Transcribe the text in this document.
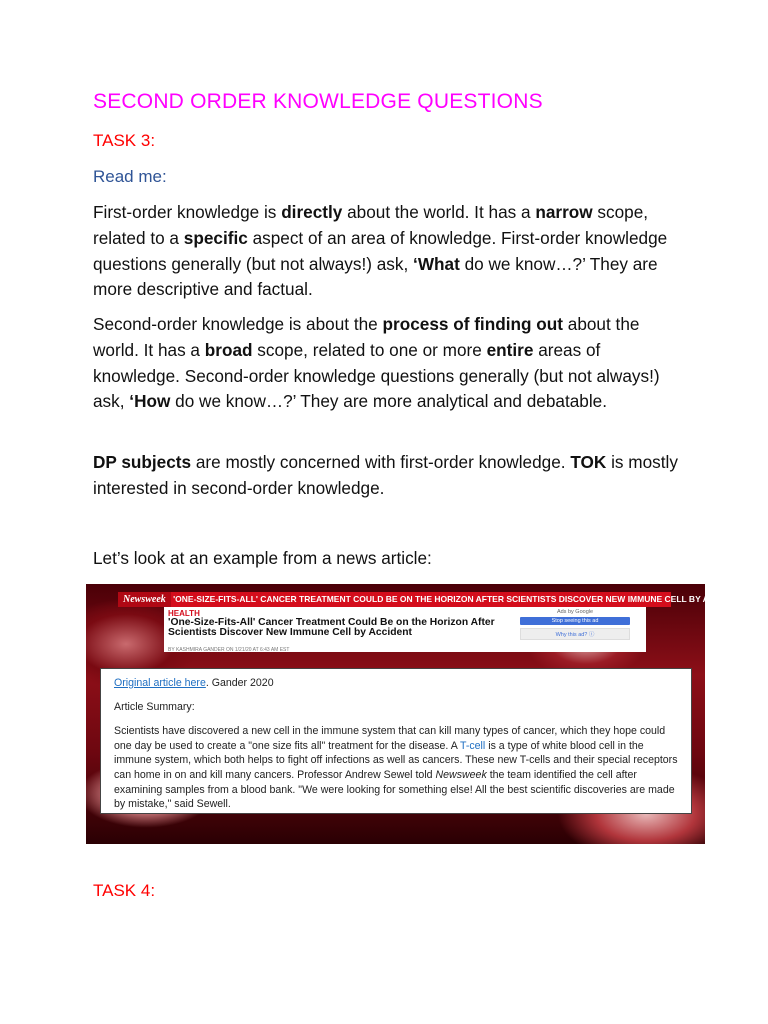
SECOND ORDER KNOWLEDGE QUESTIONS
TASK 3:
Read me:
First-order knowledge is directly about the world. It has a narrow scope, related to a specific aspect of an area of knowledge. First-order knowledge questions generally (but not always!) ask, ‘What do we know…?’ They are more descriptive and factual.
Second-order knowledge is about the process of finding out about the world. It has a broad scope, related to one or more entire areas of knowledge. Second-order knowledge questions generally (but not always!) ask, ‘How do we know…?’ They are more analytical and debatable.
DP subjects are mostly concerned with first-order knowledge. TOK is mostly interested in second-order knowledge.
Let’s look at an example from a news article:
Newsweek 'ONE-SIZE-FITS-ALL' CANCER TREATMENT COULD BE ON THE HORIZON AFTER SCIENTISTS DISCOVER NEW IMMUNE CELL BY ACCIDENT
HEALTH
'One-Size-Fits-All' Cancer Treatment Could Be on the Horizon After Scientists Discover New Immune Cell by Accident
BY KASHMIRA GANDER ON 1/21/20 AT 6:43 AM EST
Ads by Google
Stop seeing this ad
Why this ad? ⓘ

Original article here. Gander 2020

Article Summary:

Scientists have discovered a new cell in the immune system that can kill many types of cancer, which they hope could one day be used to create a "one size fits all" treatment for the disease. A T-cell is a type of white blood cell in the immune system, which both helps to fight off infections as well as cancers. These new T-cells and their special receptors can home in on and kill many cancers. Professor Andrew Sewel told Newsweek the team identified the cell after examining samples from a blood bank. "We were looking for something else! All the best scientific discoveries are made by mistake," said Sewell.

TASK 4:
